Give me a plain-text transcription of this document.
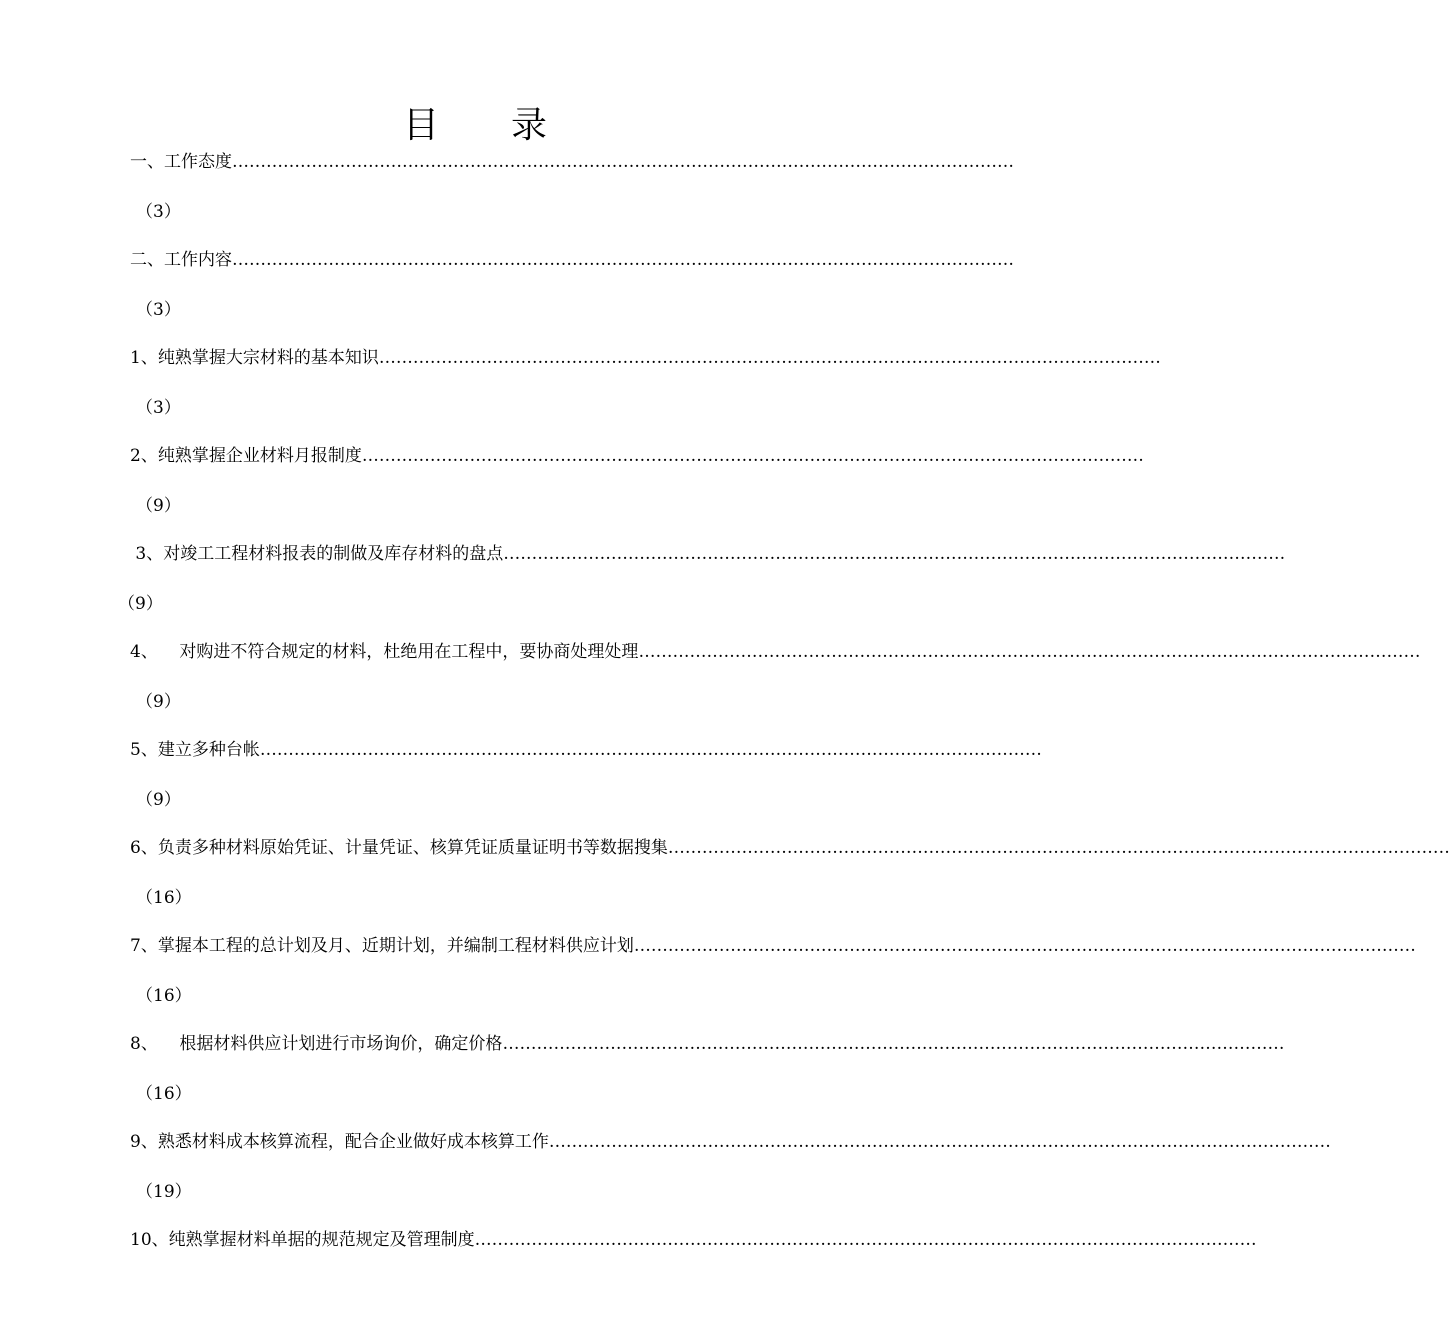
目　　录
一、工作态度 …………………………………………………………………………………………………………………………
（3）
二、工作内容 …………………………………………………………………………………………………………………………
（3）
1、纯熟掌握大宗材料的基本知识 …………………………………………………………………………………………………………………………
（3）
2、纯熟掌握企业材料月报制度 …………………………………………………………………………………………………………………………
（9）
3、对竣工工程材料报表的制做及库存材料的盘点 …………………………………………………………………………………………………………………………
（9）
4、    对购进不符合规定的材料，杜绝用在工程中，要协商处理处理 …………………………………………………………………………………………………………………………
（9）
5、建立多种台帐 …………………………………………………………………………………………………………………………
（9）
6、负责多种材料原始凭证、计量凭证、核算凭证质量证明书等数据搜集 …………………………………………………………………………………………………………………………
（16）
7、掌握本工程的总计划及月、近期计划，并编制工程材料供应计划 …………………………………………………………………………………………………………………………
（16）
8、    根据材料供应计划进行市场询价，确定价格 …………………………………………………………………………………………………………………………
（16）
9、熟悉材料成本核算流程，配合企业做好成本核算工作 …………………………………………………………………………………………………………………………
（19）
10、纯熟掌握材料单据的规范规定及管理制度 …………………………………………………………………………………………………………………………
